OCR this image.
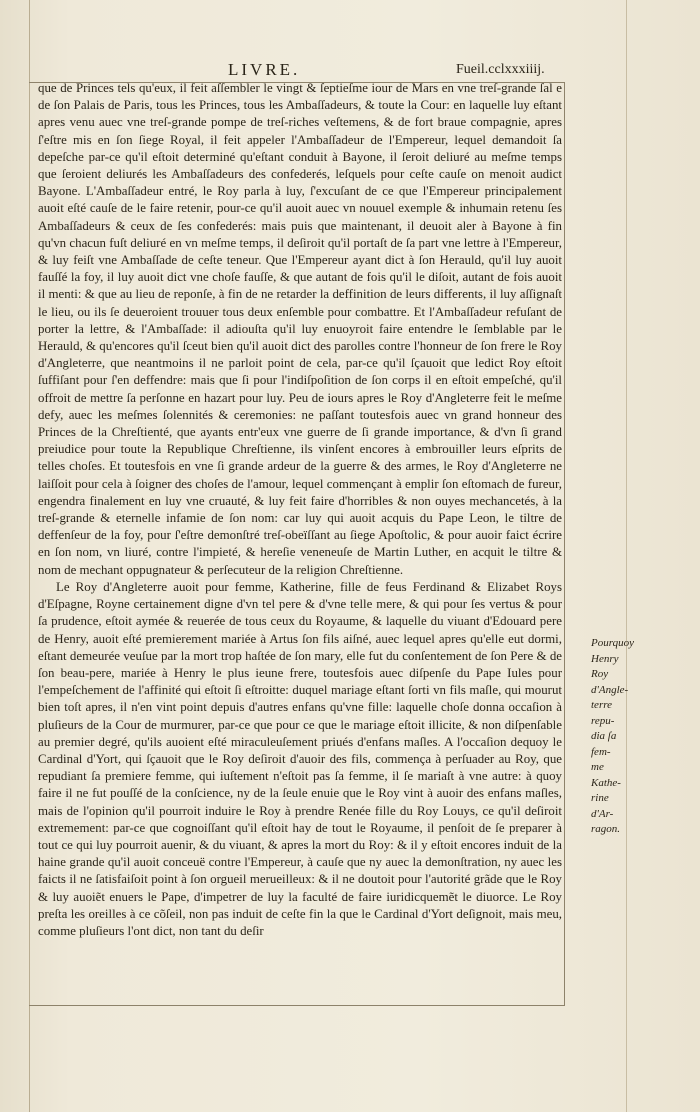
LIVRE.	Fueil.cclxxxiiij.

que de Princes tels qu'eux, il feit aſſembler le vingt & ſeptieſme iour de Mars en vne treſ-grande ſal e de ſon Palais de Paris, tous les Princes, tous les Ambaſſadeurs, & toute la Cour: en laquelle luy eſtant apres venu auec vne treſ-grande pompe de treſ-riches veſtemens, & de fort braue compagnie, apres ſ'eſtre mis en ſon ſiege Royal, il feit appeler l'Ambaſſadeur de l'Empereur, lequel demandoit ſa depeſche par-ce qu'il eſtoit determiné qu'eſtant conduit à Bayone, il ſeroit deliuré au meſme temps que ſeroient deliurés les Ambaſſadeurs des confederés, leſquels pour ceſte cauſe on menoit audict Bayone. L'Ambaſſadeur entré, le Roy parla à luy, ſ'excuſant de ce que l'Empereur principalement auoit eſté cauſe de le faire retenir, pour-ce qu'il auoit auec vn nouuel exemple & inhumain retenu ſes Ambaſſadeurs & ceux de ſes confederés: mais puis que maintenant, il deuoit aler à Bayone à fin qu'vn chacun fuſt deliuré en vn meſme temps, il deſiroit qu'il portaſt de ſa part vne lettre à l'Empereur, & luy feiſt vne Ambaſſade de ceſte teneur. Que l'Empereur ayant dict à ſon Herauld, qu'il luy auoit fauſſé la foy, il luy auoit dict vne choſe fauſſe, & que autant de fois qu'il le diſoit, autant de fois auoit il menti: & que au lieu de reponſe, à fin de ne retarder la deffinition de leurs differents, il luy aſſignaſt le lieu, ou ils ſe deueroient trouuer tous deux enſemble pour combattre. Et l'Ambaſſadeur refuſant de porter la lettre, & l'Ambaſſade: il adiouſta qu'il luy enuoyroit faire entendre le ſemblable par le Herauld, & qu'encores qu'il ſceut bien qu'il auoit dict des parolles contre l'honneur de ſon frere le Roy d'Angleterre, que neantmoins il ne parloit point de cela, par-ce qu'il ſçauoit que ledict Roy eſtoit ſuffiſant pour ſ'en deffendre: mais que ſi pour l'indiſpoſition de ſon corps il en eſtoit empeſché, qu'il offroit de mettre ſa perſonne en hazart pour luy. Peu de iours apres le Roy d'Angleterre feit le meſme defy, auec les meſmes ſolennités & ceremonies: ne paſſant toutesfois auec vn grand honneur des Princes de la Chreſtienté, que ayants entr'eux vne guerre de ſi grande importance, & d'vn ſi grand preiudice pour toute la Republique Chreſtienne, ils vinſent encores à embrouiller leurs eſprits de telles choſes. Et toutesfois en vne ſi grande ardeur de la guerre & des armes, le Roy d'Angleterre ne laiſſoit pour cela à ſoigner des choſes de l'amour, lequel commençant à emplir ſon eſtomach de fureur, engendra finalement en luy vne cruauté, & luy feit faire d'horribles & non ouyes mechancetés, à la treſ-grande & eternelle infamie de ſon nom: car luy qui auoit acquis du Pape Leon, le tiltre de deffenſeur de la foy, pour ſ'eſtre demonſtré treſ-obeïſſant au ſiege Apoſtolic, & pour auoir faict écrire en ſon nom, vn liuré, contre l'impieté, & hereſie veneneuſe de Martin Luther, en acquit le tiltre & nom de mechant oppugnateur & perſecuteur de la religion Chreſtienne.

Le Roy d'Angleterre auoit pour femme, Katherine, fille de feus Ferdinand & Elizabet Roys d'Eſpagne, Royne certainement digne d'vn tel pere & d'vne telle mere, & qui pour ſes vertus & pour ſa prudence, eſtoit aymée & reuerée de tous ceux du Royaume, & laquelle du viuant d'Edouard pere de Henry, auoit eſté premierement mariée à Artus ſon fils aiſné, auec lequel apres qu'elle eut dormi, eſtant demeurée veuſue par la mort trop haſtée de ſon mary, elle fut du conſentement de ſon Pere & de ſon beau-pere, mariée à Henry le plus ieune frere, toutesfois auec diſpenſe du Pape Iules pour l'empeſchement de l'affinité qui eſtoit ſi eſtroitte: duquel mariage eſtant ſorti vn fils maſle, qui mourut bien toſt apres, il n'en vint point depuis d'autres enfans qu'vne fille: laquelle choſe donna occaſion à pluſieurs de la Cour de murmurer, par-ce que pour ce que le mariage eſtoit illicite, & non diſpenſable au premier degré, qu'ils auoient eſté miraculeuſement priués d'enfans maſles. A l'occaſion dequoy le Cardinal d'Yort, qui ſçauoit que le Roy deſiroit d'auoir des fils, commença à perſuader au Roy, que repudiant ſa premiere femme, qui iuſtement n'eſtoit pas ſa femme, il ſe mariaſt à vne autre: à quoy faire il ne fut pouſſé de la conſcience, ny de la ſeule enuie que le Roy vint à auoir des enfans maſles, mais de l'opinion qu'il pourroit induire le Roy à prendre Renée fille du Roy Louys, ce qu'il deſiroit extremement: par-ce que cognoiſſant qu'il eſtoit hay de tout le Royaume, il penſoit de ſe preparer à tout ce qui luy pourroit auenir, & du viuant, & apres la mort du Roy: & il y eſtoit encores induit de la haine grande qu'il auoit conceuë contre l'Empereur, à cauſe que ny auec la demonſtration, ny auec les faicts il ne ſatisfaiſoit point à ſon orgueil merueilleux: & il ne doutoit pour l'autorité grãde que le Roy & luy auoiẽt enuers le Pape, d'impetrer de luy la faculté de faire iuridicquemẽt le diuorce. Le Roy preſta les oreilles à ce cõſeil, non pas induit de ceſte fin la que le Cardinal d'Yort deſignoit, mais meu, comme pluſieurs l'ont dict, non tant du deſir

Pourquoy
Henry Roy
d'Angle-
terre repu-
dia ſa fem-
me Kathe-
rine d'Ar-
ragon.
